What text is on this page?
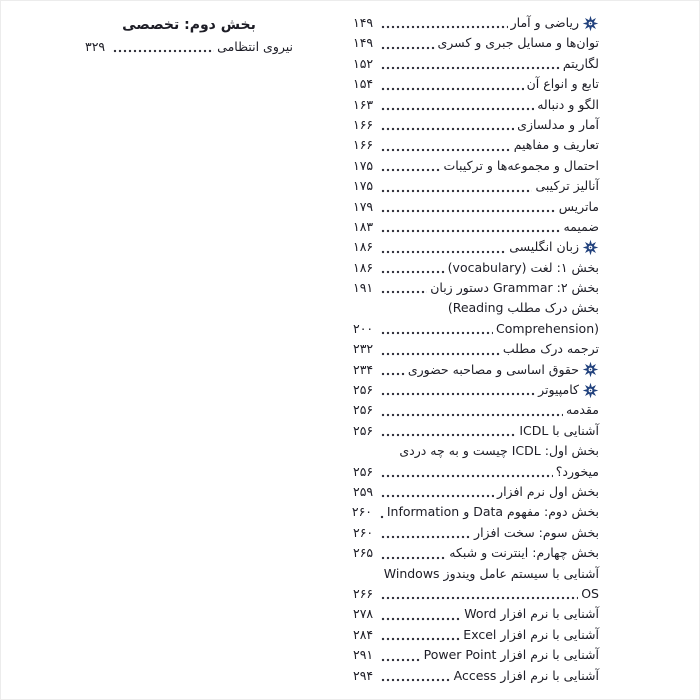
بخش دوم: تخصصی
نیروی انتظامی
۳۲۹
ریاضی و آمار
۱۴۹
توان‌ها و مسایل جبری و کسری
۱۴۹
لگاریتم
۱۵۲
تابع و انواع آن
۱۵۴
الگو و دنباله
۱۶۳
آمار و مدلسازی
۱۶۶
تعاریف و مفاهیم
۱۶۶
احتمال و مجموعه‌ها و ترکیبات
۱۷۵
آنالیز ترکیبی
۱۷۵
ماتریس
۱۷۹
ضمیمه
۱۸۳
زبان انگلیسی
۱۸۶
بخش ۱: لغت (vocabulary)
۱۸۶
بخش ۲: Grammar دستور زبان
۱۹۱
بخش درک مطلب ‎(Reading
Comprehension)
۲۰۰
ترجمه درک مطلب
۲۳۲
حقوق اساسی و مصاحبه حضوری
۲۳۴
کامپیوتر
۲۵۶
مقدمه
۲۵۶
آشنایی با ICDL
۲۵۶
بخش اول: ICDL چیست و به چه دردی
میخورد؟
۲۵۶
بخش اول نرم افزار
۲۵۹
بخش دوم: مفهوم Data و Information
۲۶۰
بخش سوم: سخت افزار
۲۶۰
بخش چهارم: اینترنت و شبکه
۲۶۵
آشنایی با سیستم عامل ویندوز Windows
OS
۲۶۶
آشنایی با نرم افزار Word
۲۷۸
آشنایی با نرم افزار Excel
۲۸۴
آشنایی با نرم افزار Power Point
۲۹۱
آشنایی با نرم افزار Access
۲۹۴
